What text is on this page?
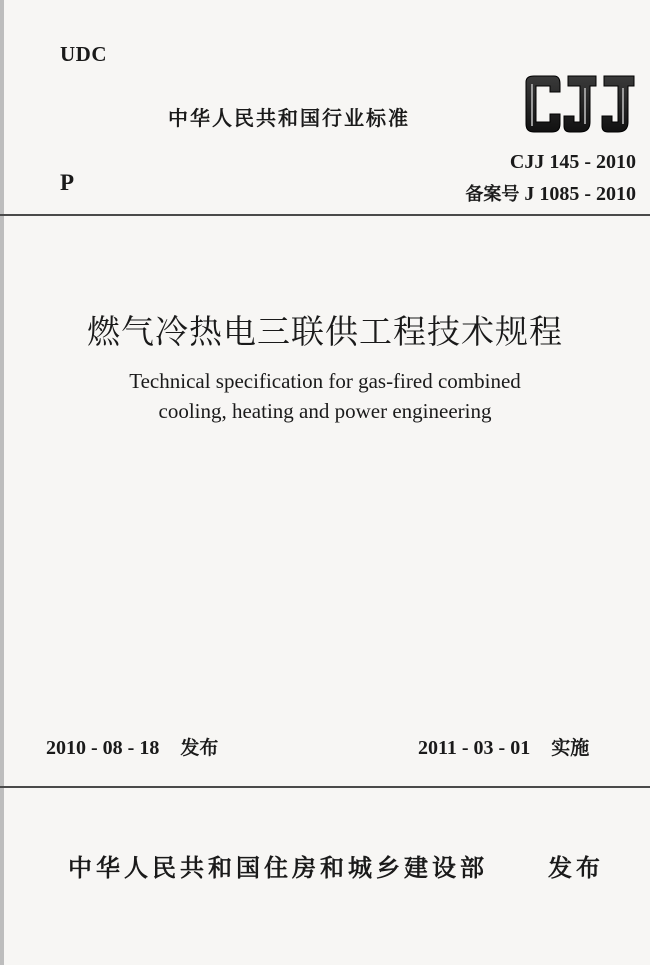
UDC
中华人民共和国行业标准
P
CJJ 145 - 2010
备案号 J 1085 - 2010
燃气冷热电三联供工程技术规程
Technical specification for gas-fired combined
cooling, heating and power engineering
2010 - 08 - 18 发布	2011 - 03 - 01 实施
中华人民共和国住房和城乡建设部	发布
